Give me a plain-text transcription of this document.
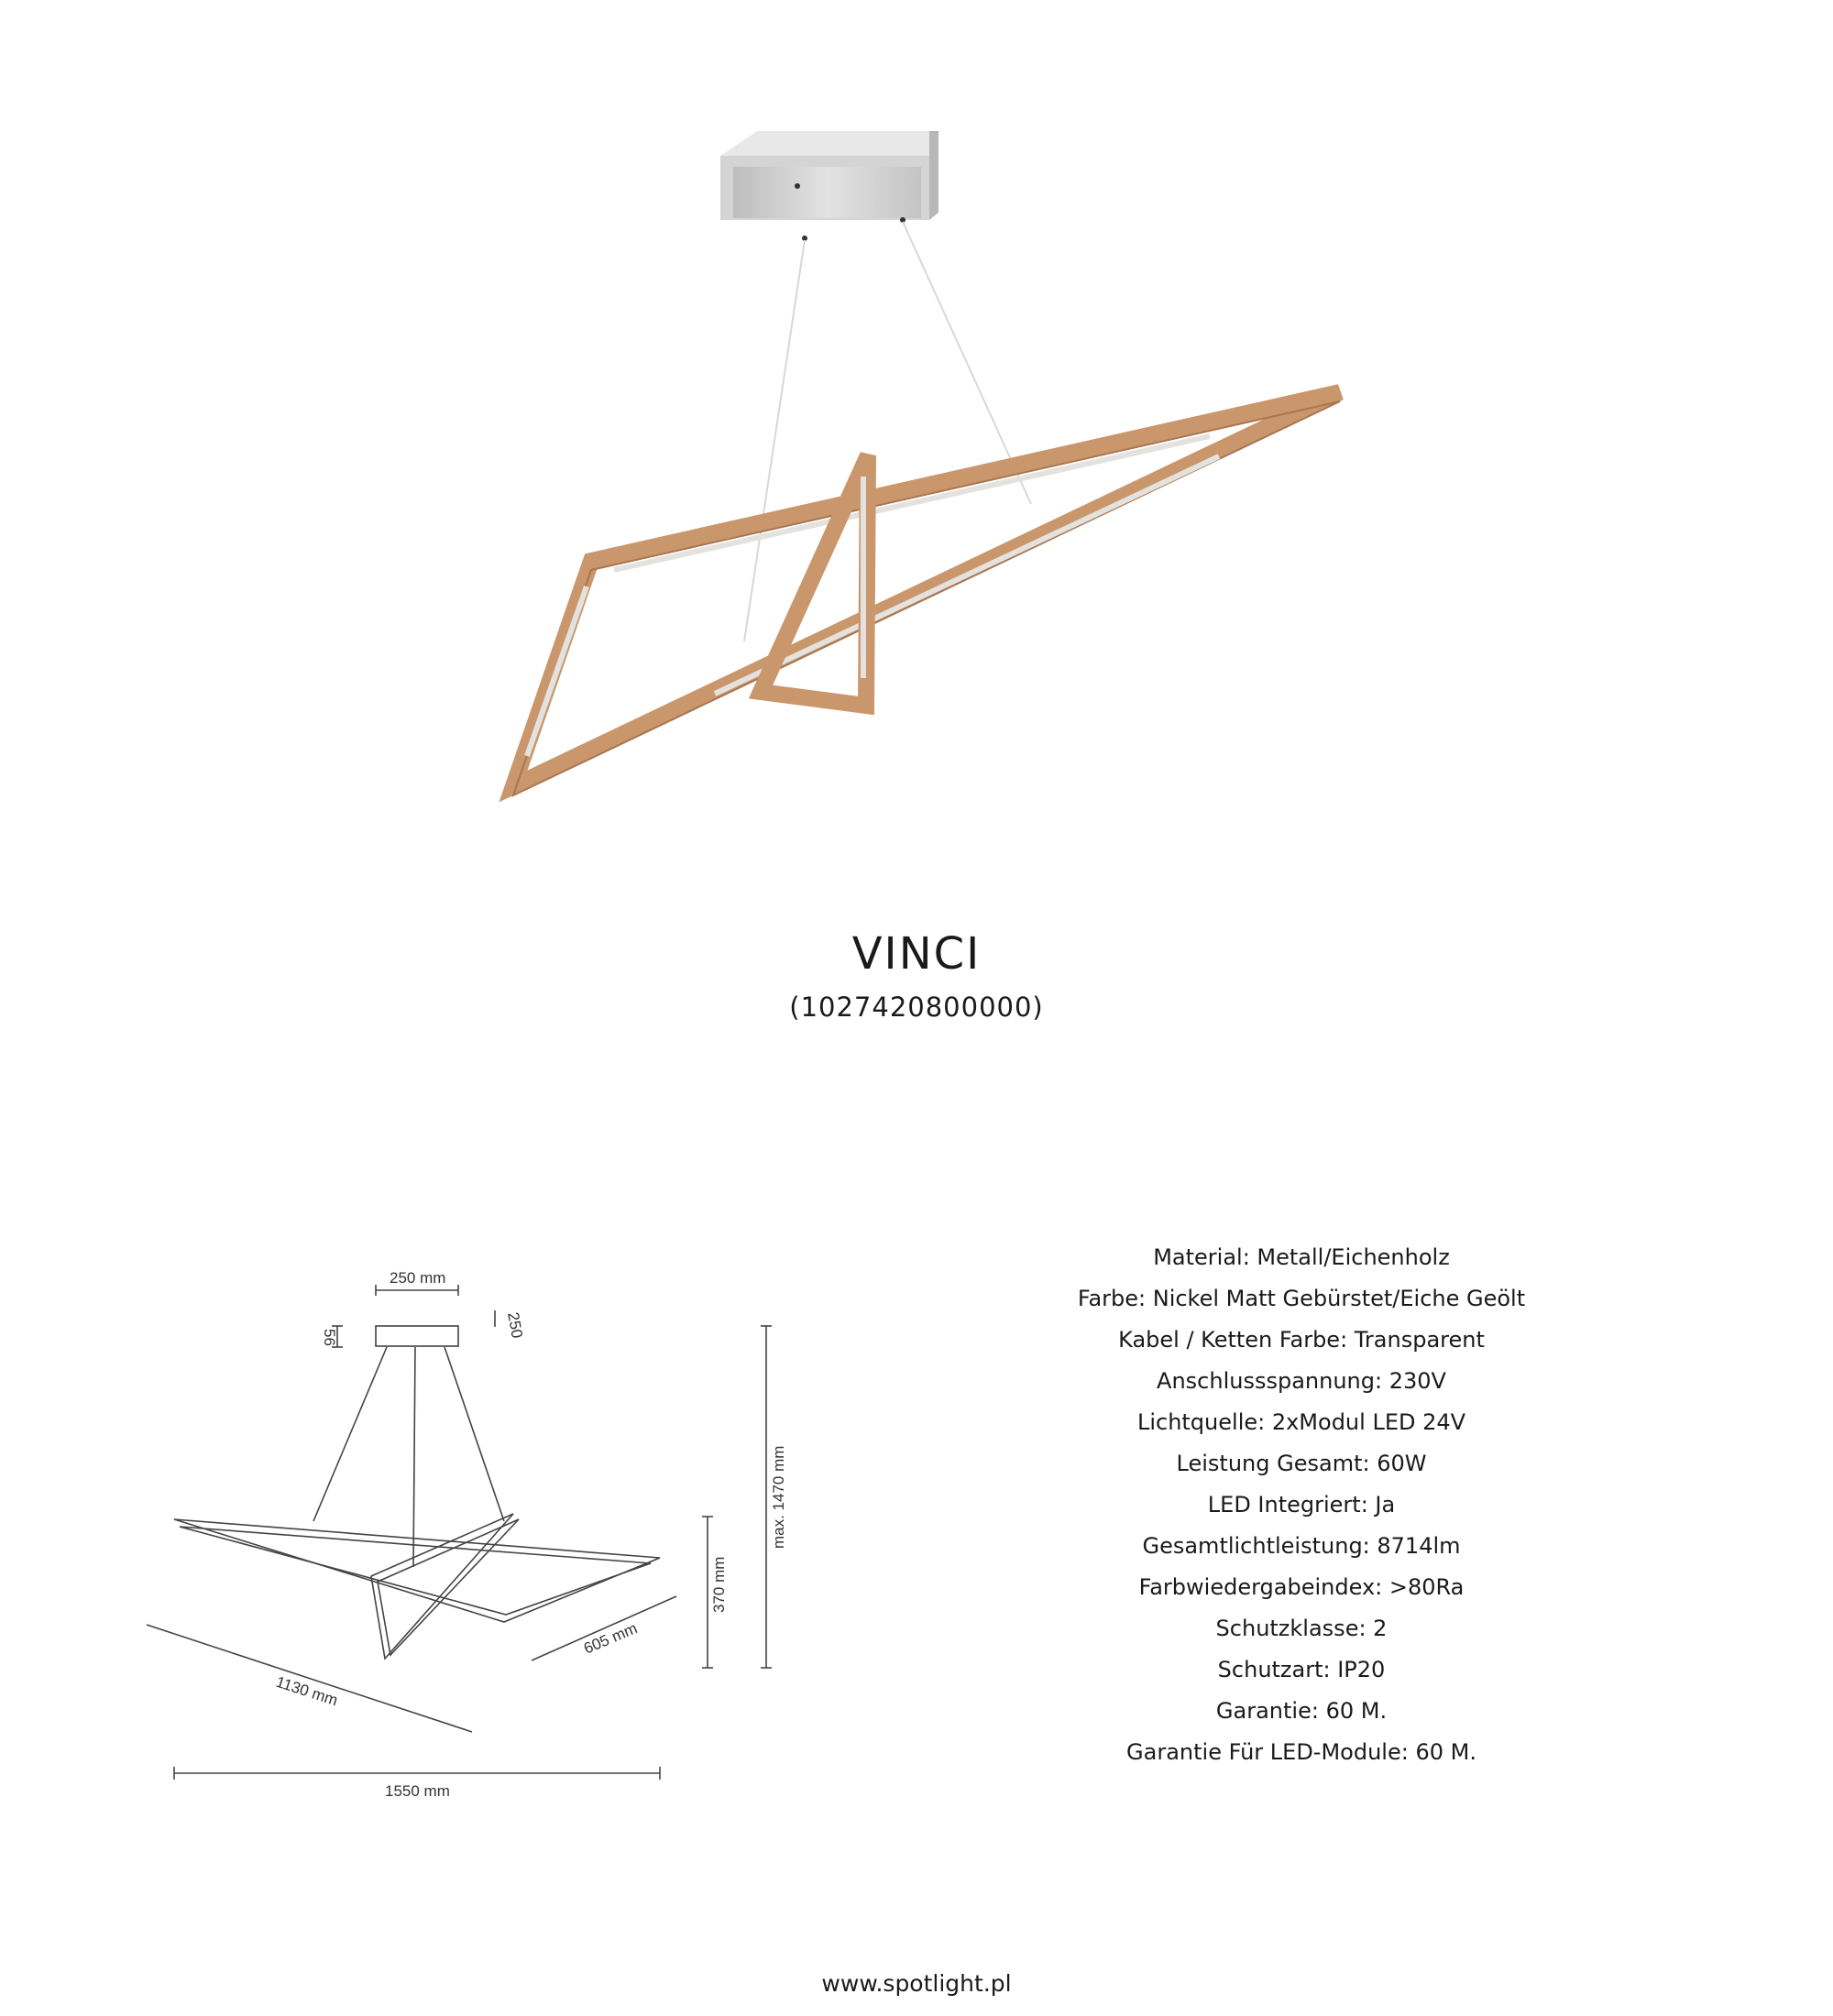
VINCI
(1027420800000)
250 mm
56	250
max. 1470 mm
370 mm
605 mm
1130 mm
1550 mm
Material: Metall/Eichenholz
Farbe: Nickel Matt Gebürstet/Eiche Geölt
Kabel / Ketten Farbe: Transparent
Anschlussspannung: 230V
Lichtquelle: 2xModul LED 24V
Leistung Gesamt: 60W
LED Integriert: Ja
Gesamtlichtleistung: 8714lm
Farbwiedergabeindex: >80Ra
Schutzklasse: 2
Schutzart: IP20
Garantie: 60 M.
Garantie Für LED-Module: 60 M.
www.spotlight.pl
